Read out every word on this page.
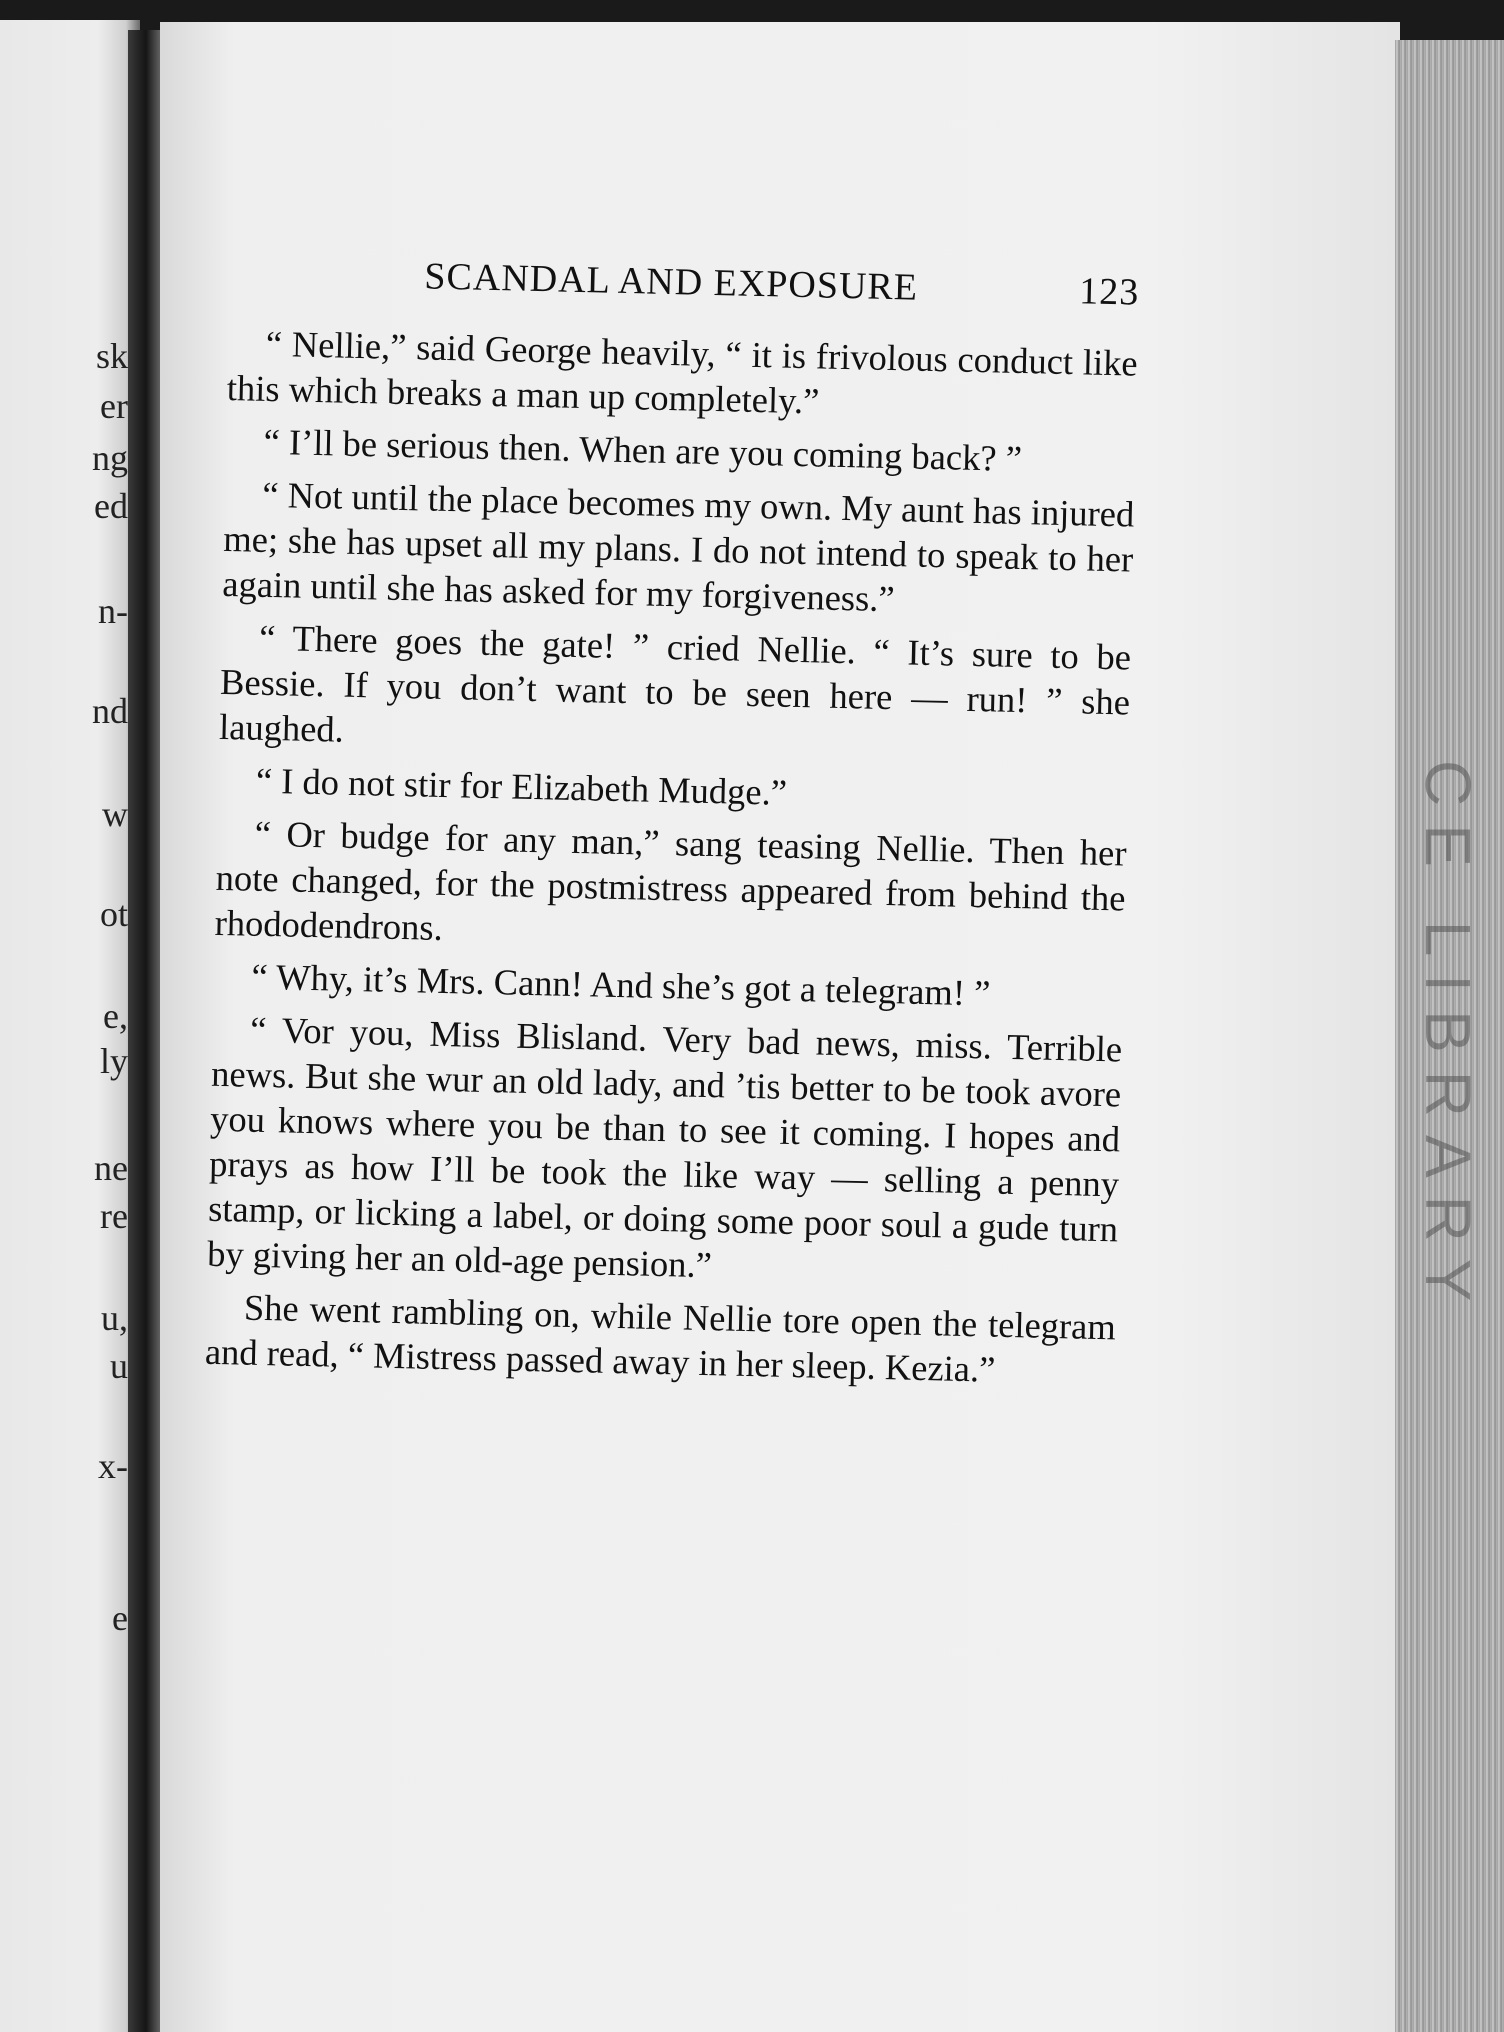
sk
er
ng
ed
n-
nd
w
ot
e,
ly
ne
re
u,
u
x-
e
CE LIBRARY
SCANDAL AND EXPOSURE	123

“ Nellie,” said George heavily, “ it is frivolous conduct like this which breaks a man up completely.”

“ I’ll be serious then. When are you coming back? ”

“ Not until the place becomes my own. My aunt has injured me; she has upset all my plans. I do not intend to speak to her again until she has asked for my forgiveness.”

“ There goes the gate! ” cried Nellie. “ It’s sure to be Bessie. If you don’t want to be seen here — run! ” she laughed.

“ I do not stir for Elizabeth Mudge.”

“ Or budge for any man,” sang teasing Nellie. Then her note changed, for the postmistress appeared from behind the rhododendrons.

“ Why, it’s Mrs. Cann! And she’s got a telegram! ”

“ Vor you, Miss Blisland. Very bad news, miss. Terrible news. But she wur an old lady, and ’tis better to be took avore you knows where you be than to see it coming. I hopes and prays as how I’ll be took the like way — selling a penny stamp, or licking a label, or doing some poor soul a gude turn by giving her an old-age pension.”

She went rambling on, while Nellie tore open the telegram and read, “ Mistress passed away in her sleep. Kezia.”
